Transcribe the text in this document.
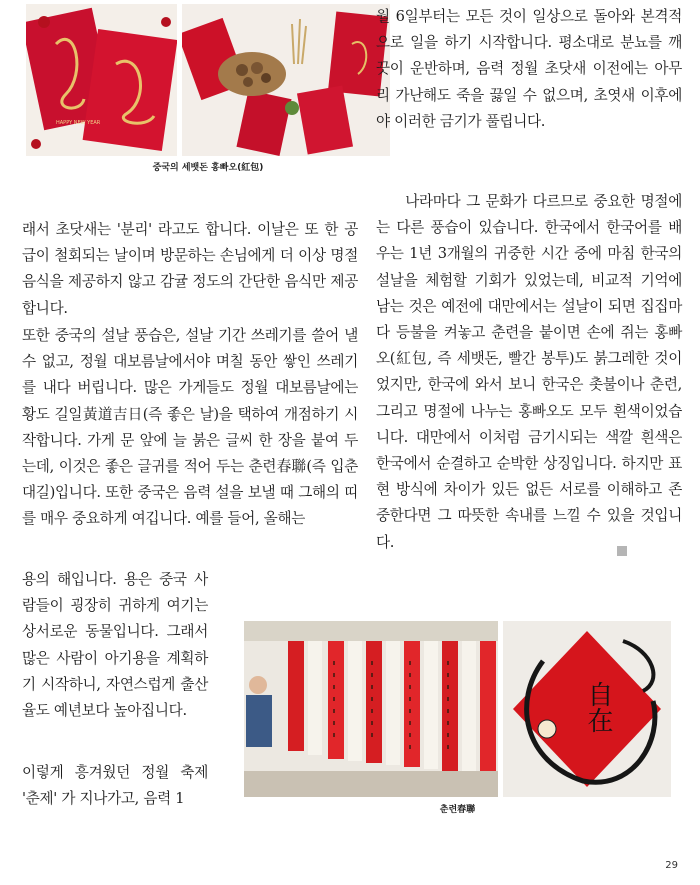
HAPPY NEW YEAR

중국의 세뱃돈 홍빠오(紅包)

월 6일부터는 모든 것이 일상으로 돌아와 본격적으로 일을 하기 시작합니다. 평소대로 분뇨를 깨끗이 운반하며, 음력 정월 초닷새 이전에는 아무리 가난해도 죽을 끓일 수 없으며, 초엿새 이후에야 이러한 금기가 풀립니다.

나라마다 그 문화가 다르므로 중요한 명절에는 다른 풍습이 있습니다. 한국에서 한국어를 배우는 1년 3개월의 귀중한 시간 중에 마침 한국의 설날을 체험할 기회가 있었는데, 비교적 기억에 남는 것은 예전에 대만에서는 설날이 되면 집집마다 등불을 켜놓고 춘련을 붙이면 손에 쥐는 홍빠오(紅包, 즉 세뱃돈, 빨간 봉투)도 붉그레한 것이었지만, 한국에 와서 보니 한국은 촛불이나 춘련, 그리고 명절에 나누는 홍빠오도 모두 흰색이었습니다. 대만에서 이처럼 금기시되는 색깔 흰색은 한국에서 순결하고 순박한 상징입니다. 하지만 표현 방식에 차이가 있든 없든 서로를 이해하고 존중한다면 그 따뜻한 속내를 느낄 수 있을 것입니다.

래서 초닷새는 '분리' 라고도 합니다. 이날은 또 한 공급이 철회되는 날이며 방문하는 손님에게 더 이상 명절 음식을 제공하지 않고 감귤 정도의 간단한 음식만 제공합니다.

또한 중국의 설날 풍습은, 설날 기간 쓰레기를 쓸어 낼 수 없고, 정월 대보름날에서야 며칠 동안 쌓인 쓰레기를 내다 버립니다. 많은 가게들도 정월 대보름날에는 황도 길일黃道吉日(즉 좋은 날)을 택하여 개점하기 시작합니다. 가게 문 앞에 늘 붉은 글씨 한 장을 붙여 두는데, 이것은 좋은 글귀를 적어 두는 춘련春聯(즉 입춘대길)입니다. 또한 중국은 음력 설을 보낼 때 그해의 띠를 매우 중요하게 여깁니다. 예를 들어, 올해는

용의 해입니다. 용은 중국 사람들이 굉장히 귀하게 여기는 상서로운 동물입니다. 그래서 많은 사람이 아기용을 계획하기 시작하니, 자연스럽게 출산율도 예년보다 높아집니다.

이렇게 흥겨웠던 정월 축제 '춘제' 가 지나가고, 음력 1

自在

춘련春聯

29
